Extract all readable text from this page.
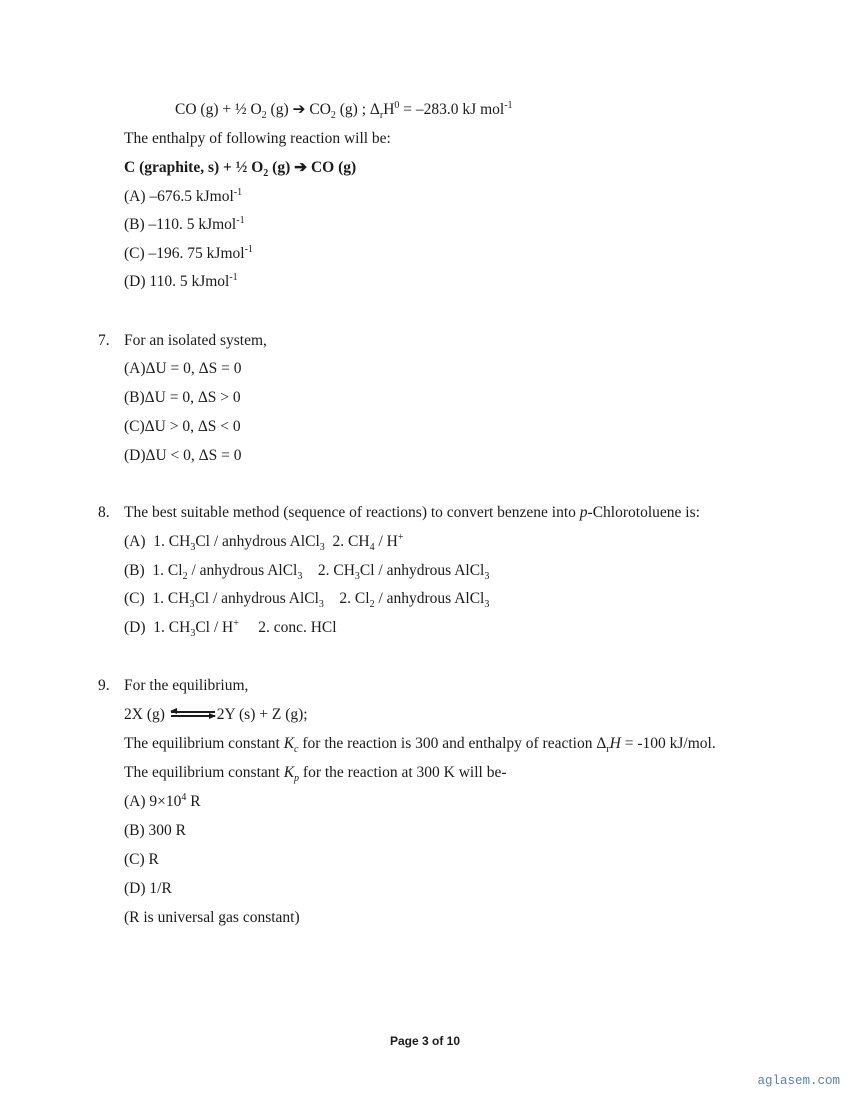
CO (g) + ½ $O_2$ (g) ➔ $CO_2$ (g) ; $\Delta_rH^0 = -283.0$ kJ mol$^{-1}$
The enthalpy of following reaction will be:
C (graphite, s) + ½ $O_2$ (g) ➔ CO (g)
(A) –676.5 kJmol$^{-1}$
(B) –110. 5 kJmol$^{-1}$
(C) –196. 75 kJmol$^{-1}$
(D) 110. 5 kJmol$^{-1}$
7. For an isolated system,
(A)ΔU = 0, ΔS = 0
(B)ΔU = 0, ΔS > 0
(C)ΔU > 0, ΔS < 0
(D)ΔU < 0, ΔS = 0
8. The best suitable method (sequence of reactions) to convert benzene into p-Chlorotoluene is:
(A)  1. $CH_3Cl$ / anhydrous AlCl$_3$  2. $CH_4 / H^+$
(B)  1. $Cl_2$ / anhydrous AlCl$_3$    2. $CH_3Cl$ / anhydrous AlCl$_3$
(C)  1. $CH_3Cl$ / anhydrous AlCl$_3$    2. $Cl_2$ / anhydrous AlCl$_3$
(D)  1. $CH_3Cl / H^+$     2. conc. HCl
9. For the equilibrium,
2X (g)	2Y (s) + Z (g);
The equilibrium constant $K_c$ for the reaction is 300 and enthalpy of reaction $\Delta_rH = -100$ kJ/mol.
The equilibrium constant $K_p$ for the reaction at 300 K will be-
(A) $9\times 10^4$ R
(B) 300 R
(C) R
(D) 1/R
(R is universal gas constant)
Page 3 of 10
aglasem.com
